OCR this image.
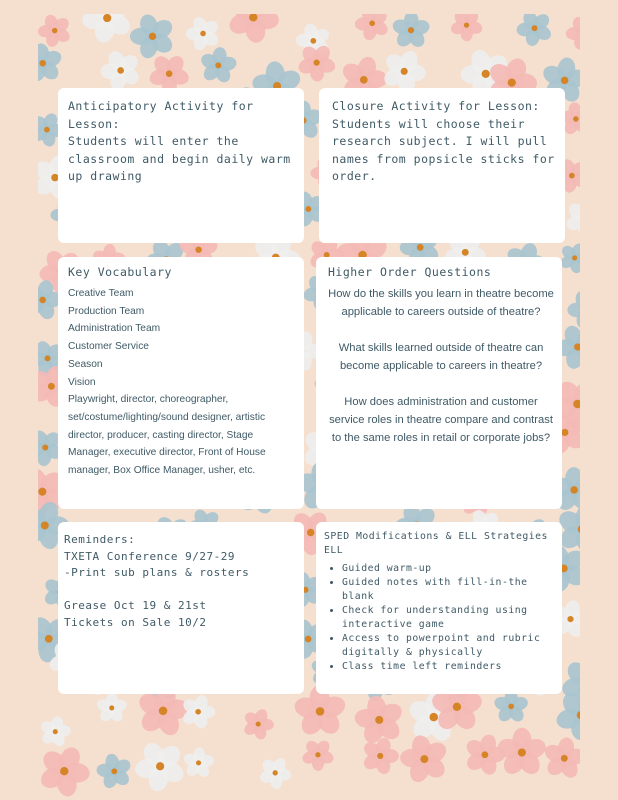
Anticipatory Activity for Lesson:
Students will enter the classroom and begin daily warm up drawing
Closure Activity for Lesson:
Students will choose their research subject. I will pull names from popsicle sticks for order.
Key Vocabulary
Creative Team
Production Team
Administration Team
Customer Service
Season
Vision
Playwright, director, choreographer, set/costume/lighting/sound designer, artistic director, producer, casting director, Stage Manager, executive director, Front of House manager, Box Office Manager, usher, etc.
Higher Order Questions

How do the skills you learn in theatre become applicable to careers outside of theatre?

What skills learned outside of theatre can become applicable to careers in theatre?

How does administration and customer service roles in theatre compare and contrast to the same roles in retail or corporate jobs?

Reminders:
TXETA Conference 9/27-29
-Print sub plans & rosters

Grease Oct 19 & 21st
Tickets on Sale 10/2
SPED Modifications & ELL Strategies ELL
• Guided warm-up
• Guided notes with fill-in-the blank
• Check for understanding using interactive game
• Access to powerpoint and rubric digitally & physically
• Class time left reminders
